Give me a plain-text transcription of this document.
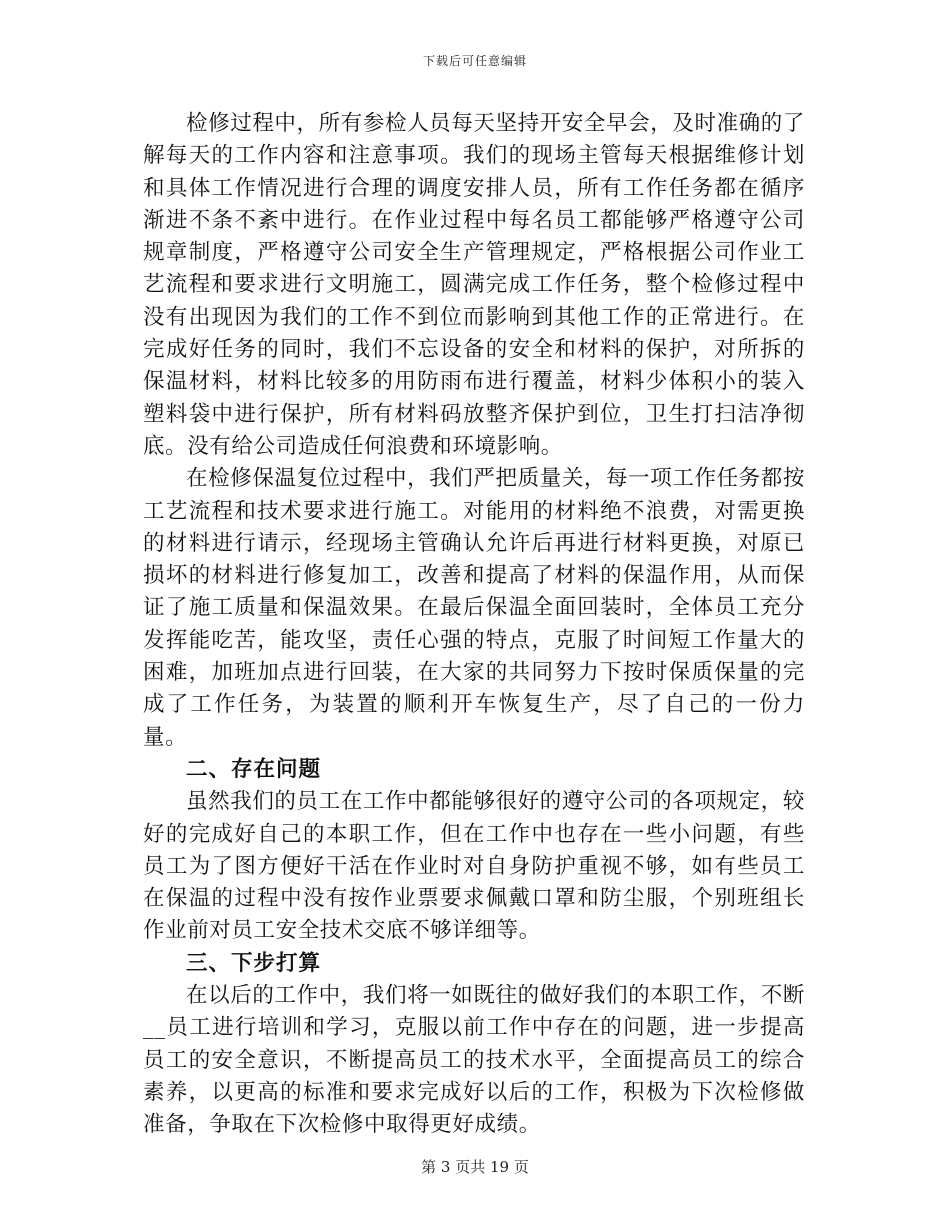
下载后可任意编辑

检修过程中，所有参检人员每天坚持开安全早会，及时准确的了解每天的工作内容和注意事项。我们的现场主管每天根据维修计划和具体工作情况进行合理的调度安排人员，所有工作任务都在循序渐进不条不紊中进行。在作业过程中每名员工都能够严格遵守公司规章制度，严格遵守公司安全生产管理规定，严格根据公司作业工艺流程和要求进行文明施工，圆满完成工作任务，整个检修过程中没有出现因为我们的工作不到位而影响到其他工作的正常进行。在完成好任务的同时，我们不忘设备的安全和材料的保护，对所拆的保温材料，材料比较多的用防雨布进行覆盖，材料少体积小的装入塑料袋中进行保护，所有材料码放整齐保护到位，卫生打扫洁净彻底。没有给公司造成任何浪费和环境影响。

在检修保温复位过程中，我们严把质量关，每一项工作任务都按工艺流程和技术要求进行施工。对能用的材料绝不浪费，对需更换的材料进行请示，经现场主管确认允许后再进行材料更换，对原已损坏的材料进行修复加工，改善和提高了材料的保温作用，从而保证了施工质量和保温效果。在最后保温全面回装时，全体员工充分发挥能吃苦，能攻坚，责任心强的特点，克服了时间短工作量大的困难，加班加点进行回装，在大家的共同努力下按时保质保量的完成了工作任务，为装置的顺利开车恢复生产，尽了自己的一份力量。

二、存在问题

虽然我们的员工在工作中都能够很好的遵守公司的各项规定，较好的完成好自己的本职工作，但在工作中也存在一些小问题，有些员工为了图方便好干活在作业时对自身防护重视不够，如有些员工在保温的过程中没有按作业票要求佩戴口罩和防尘服，个别班组长作业前对员工安全技术交底不够详细等。

三、下步打算

在以后的工作中，我们将一如既往的做好我们的本职工作，不断__员工进行培训和学习，克服以前工作中存在的问题，进一步提高员工的安全意识，不断提高员工的技术水平，全面提高员工的综合素养，以更高的标准和要求完成好以后的工作，积极为下次检修做准备，争取在下次检修中取得更好成绩。

第 3 页共 19 页
